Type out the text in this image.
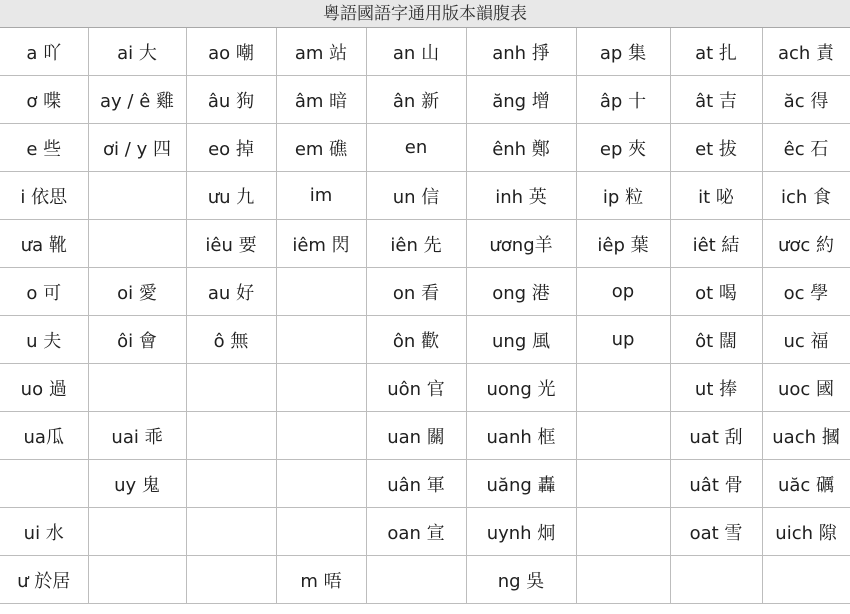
粵語國語字通用版本韻腹表
a 吖	ai 大	ao 嘲	am 站	an 山	anh 掙	ap 集	at 扎	ach 責
ơ 喋	ay / ê 雞	âu 狗	âm 暗	ân 新	ăng 增	âp 十	ât 吉	ăc 得
e 些	ơi / y 四	eo 掉	em 礁	en	ênh 鄭	ep 夾	et 拔	êc 石
i 依思		ưu 九	im	un 信	inh 英	ip 粒	it 咇	ich 食
ưa 靴		iêu 要	iêm 閃	iên 先	ương羊	iêp 葉	iêt 結	ươc 約
o 可	oi 愛	au 好		on 看	ong 港	op	ot 喝	oc 學
u 夫	ôi 會	ô 無		ôn 歡	ung 風	up	ôt 闊	uc 福
uo 過				uôn 官	uong 光		ut 捧	uoc 國
ua瓜	uai 乖			uan 關	uanh 框		uat 刮	uach 摑
	uy 鬼			uân 軍	uăng 轟		uât 骨	uăc 礪
ui 水				oan 宣	uynh 炯		oat 雪	uich 隙
ư 於居			m 唔		ng 吳			
